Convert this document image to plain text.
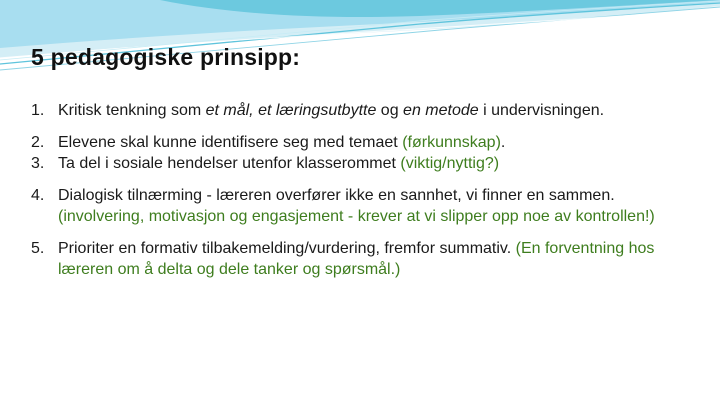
5 pedagogiske prinsipp:
1. Kritisk tenkning som et mål, et læringsutbytte og en metode i undervisningen.
2. Elevene skal kunne identifisere seg med temaet (førkunnskap).
3. Ta del i sosiale hendelser utenfor klasserommet (viktig/nyttig?)
4. Dialogisk tilnærming - læreren overfører ikke en sannhet, vi finner en sammen. (involvering, motivasjon og engasjement - krever at vi slipper opp noe av kontrollen!)
5. Prioriter en formativ tilbakemelding/vurdering, fremfor summativ. (En forventning hos læreren om å delta og dele tanker og spørsmål.)
